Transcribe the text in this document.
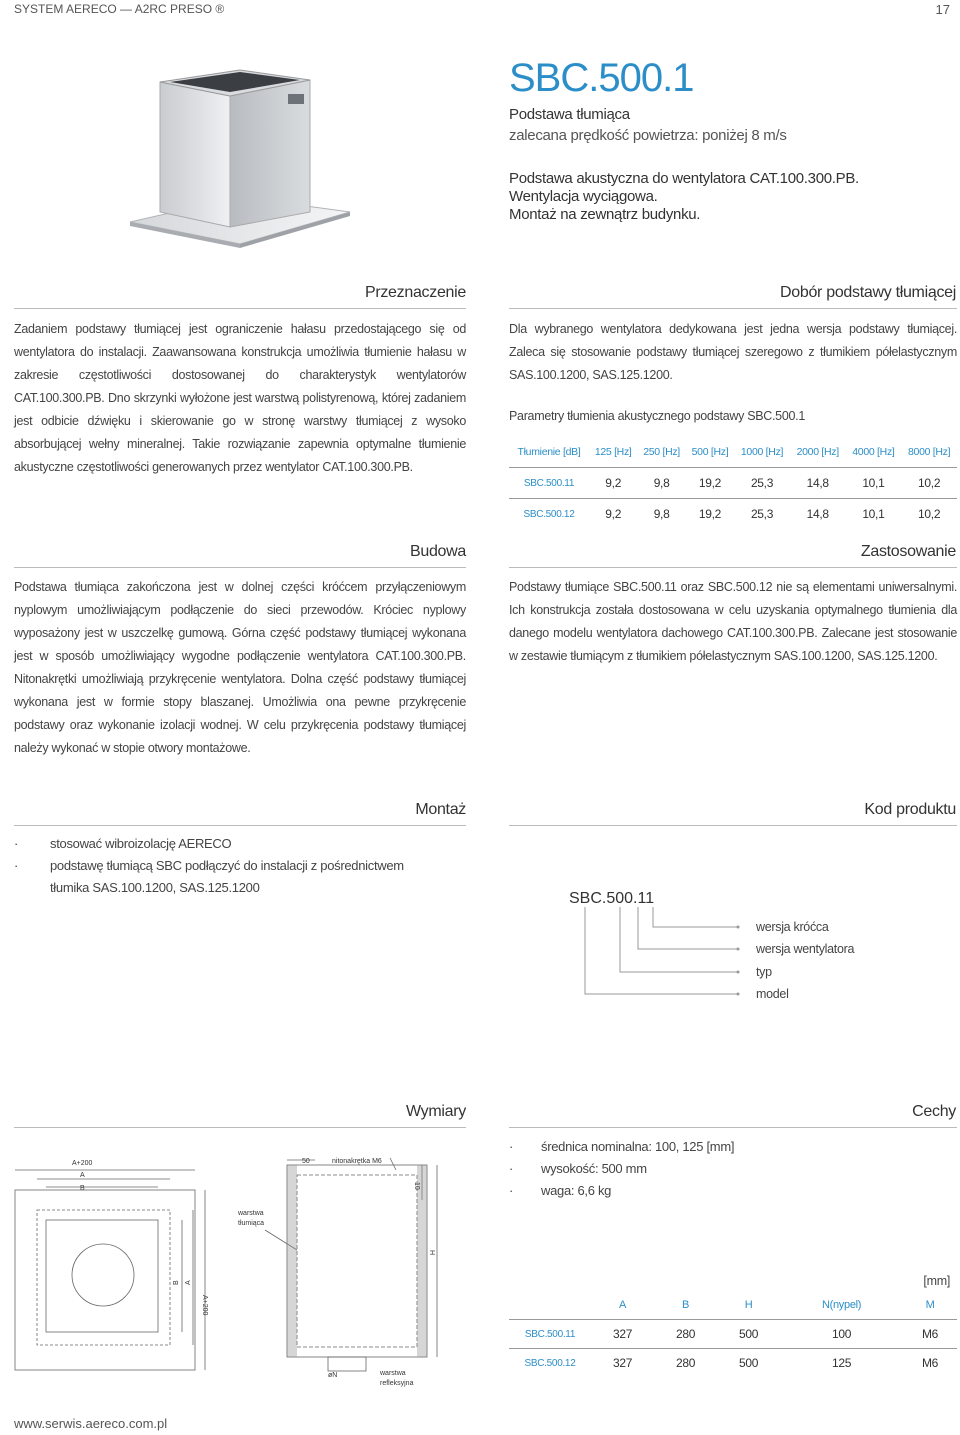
SYSTEM AERECO — A2RC PRESO ®	17
SBC.500.1
Podstawa tłumiąca
zalecana prędkość powietrza: poniżej 8 m/s
Podstawa akustyczna do wentylatora CAT.100.300.PB.
Wentylacja wyciągowa.
Montaż na zewnątrz budynku.
Przeznaczenie
Zadaniem podstawy tłumiącej jest ograniczenie hałasu przedostającego się od wentylatora do instalacji. Zaawansowana konstrukcja umożliwia tłumienie hałasu w zakresie częstotliwości dostosowanej do charakterystyk wentylatorów CAT.100.300.PB. Dno skrzynki wyłożone jest warstwą polistyrenową, której zadaniem jest odbicie dźwięku i skierowanie go w stronę warstwy tłumiącej z wysoko absorbującej wełny mineralnej. Takie rozwiązanie zapewnia optymalne tłumienie akustyczne częstotliwości generowanych przez wentylator CAT.100.300.PB.
Dobór podstawy tłumiącej
Dla wybranego wentylatora dedykowana jest jedna wersja podstawy tłumiącej. Zaleca się stosowanie podstawy tłumiącej szeregowo z tłumikiem półelastycznym SAS.100.1200, SAS.125.1200.
Parametry tłumienia akustycznego podstawy SBC.500.1
Tłumienie [dB]	125 [Hz]	250 [Hz]	500 [Hz]	1000 [Hz]	2000 [Hz]	4000 [Hz]	8000 [Hz]
SBC.500.11	9,2	9,8	19,2	25,3	14,8	10,1	10,2
SBC.500.12	9,2	9,8	19,2	25,3	14,8	10,1	10,2
Budowa
Podstawa tłumiąca zakończona jest w dolnej części króćcem przyłączeniowym nyplowym umożliwiającym podłączenie do sieci przewodów. Króciec nyplowy wyposażony jest w uszczelkę gumową. Górna część podstawy tłumiącej wykonana jest w sposób umożliwiający wygodne podłączenie wentylatora CAT.100.300.PB. Nitonakrętki umożliwiają przykręcenie wentylatora. Dolna część podstawy tłumiącej wykonana jest w formie stopy blaszanej. Umożliwia ona pewne przykręcenie podstawy oraz wykonanie izolacji wodnej. W celu przykręcenia podstawy tłumiącej należy wykonać w stopie otwory montażowe.
Zastosowanie
Podstawy tłumiące SBC.500.11 oraz SBC.500.12 nie są elementami uniwersalnymi. Ich konstrukcja została dostosowana w celu uzyskania optymalnego tłumienia dla danego modelu wentylatora dachowego CAT.100.300.PB. Zalecane jest stosowanie w zestawie tłumiącym z tłumikiem półelastycznym SAS.100.1200, SAS.125.1200.
Montaż
· stosować wibroizolację AERECO
· podstawę tłumiącą SBC podłączyć do instalacji z pośrednictwem tłumika SAS.100.1200, SAS.125.1200
Kod produktu
SBC.500.11
wersja króćca
wersja wentylatora
typ
model
Wymiary
A+200
A
B
warstwa tłumiąca
B A
A+200
50	nitonakrętka M6
10
H
øN	warstwa refleksyjna
Cechy
· średnica nominalna: 100, 125 [mm]
· wysokość: 500 mm
· waga: 6,6 kg
[mm]
	A	B	H	N(nypel)	M
SBC.500.11	327	280	500	100	M6
SBC.500.12	327	280	500	125	M6
www.serwis.aereco.com.pl
